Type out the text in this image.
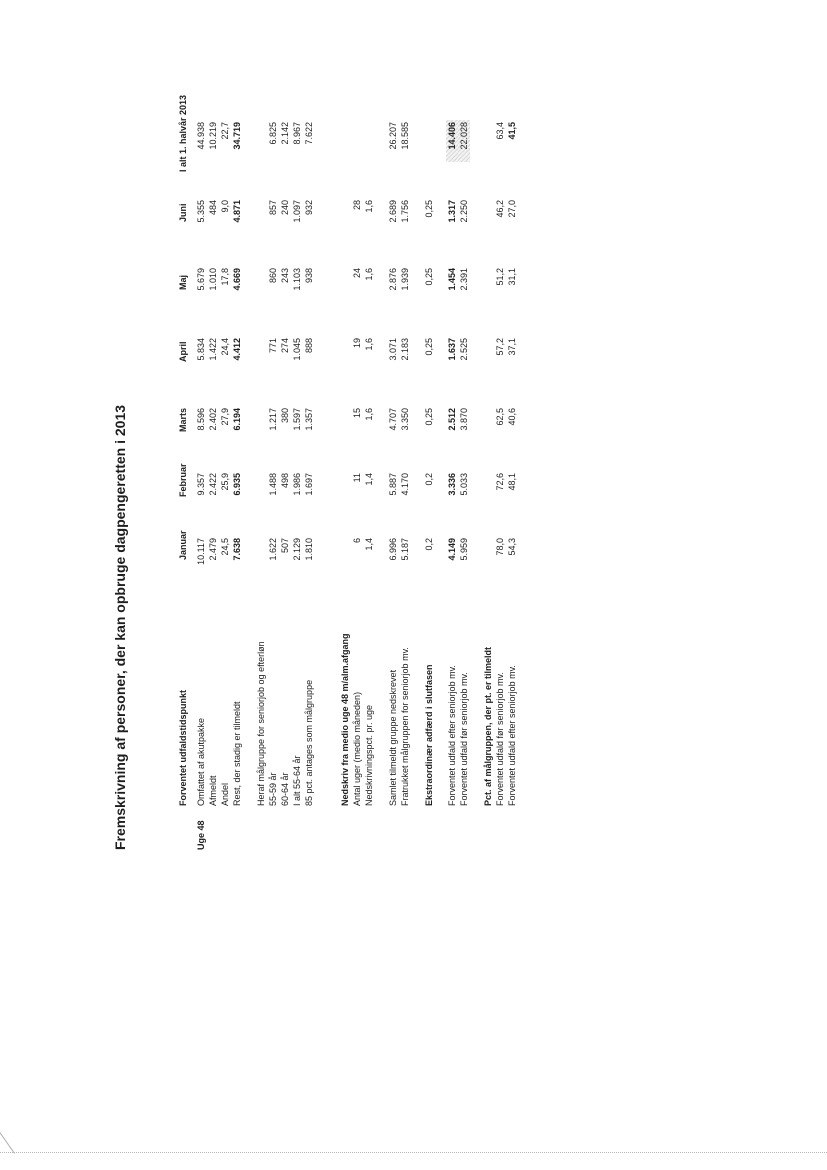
Fremskrivning af personer, der kan opbruge dagpengeretten i 2013	Forventet udfaldstidspunkt
Januar
Februar
Marts
April
Maj
Juni
I alt 1. halvår 2013
Uge 48
Omfattet af akutpakke
10.117
9.357
8.596
5.834
5.679
5.355
44.938
Afmeldt
2.479
2.422
2.402
1.422
1.010
484
10.219
Andel
24,5
25,9
27,9
24,4
17,8
9,0
22,7
Rest, der stadig er tilmeldt
7.638
6.935
6.194
4.412
4.669
4.871
34.719
Heraf målgruppe for seniorjob og efterløn 55-59 år
1.622
1.488
1.217
771
860
857
6.825
60-64 år
507
498
380
274
243
240
2.142
I alt 55-64 år
2.129
1.986
1.597
1.045
1.103
1.097
8.967
85 pct. antages som målgruppe
1.810
1.697
1.357
888
938
932
7.622
Nedskriv fra medio uge 48 m/alm.afgang Antal uger (medio måneden)
6
11
15
19
24
28
Nedskrivningspct. pr. uge
1,4
1,4
1,6
1,6
1,6
1,6
Samlet tilmeldt gruppe nedskrevet
6.996
5.887
4.707
3.071
2.876
2.689
26.207
Fratrukket målgruppen for seniorjob mv.
5.187
4.170
3.350
2.183
1.939
1.756
18.585
Ekstraordinær adfærd i slutfasen
0,2
0,2
0,25
0,25
0,25
0,25
Forventet udfald efter seniorjob mv.
4.149
3.336
2.512
1.637
1.454
1.317
14.406
Forventet udfald før seniorjob mv.
5.959
5.033
3.870
2.525
2.391
2.250
22.028
Pct. af målgruppen, der pt. er tilmeldt Forventet udfald før seniorjob mv.
78,0
72,6
62,5
57,2
51,2
46,2
63,4
Forventet udfald efter seniorjob mv.
54,3
48,1
40,6
37,1
31,1
27,0
41,5
